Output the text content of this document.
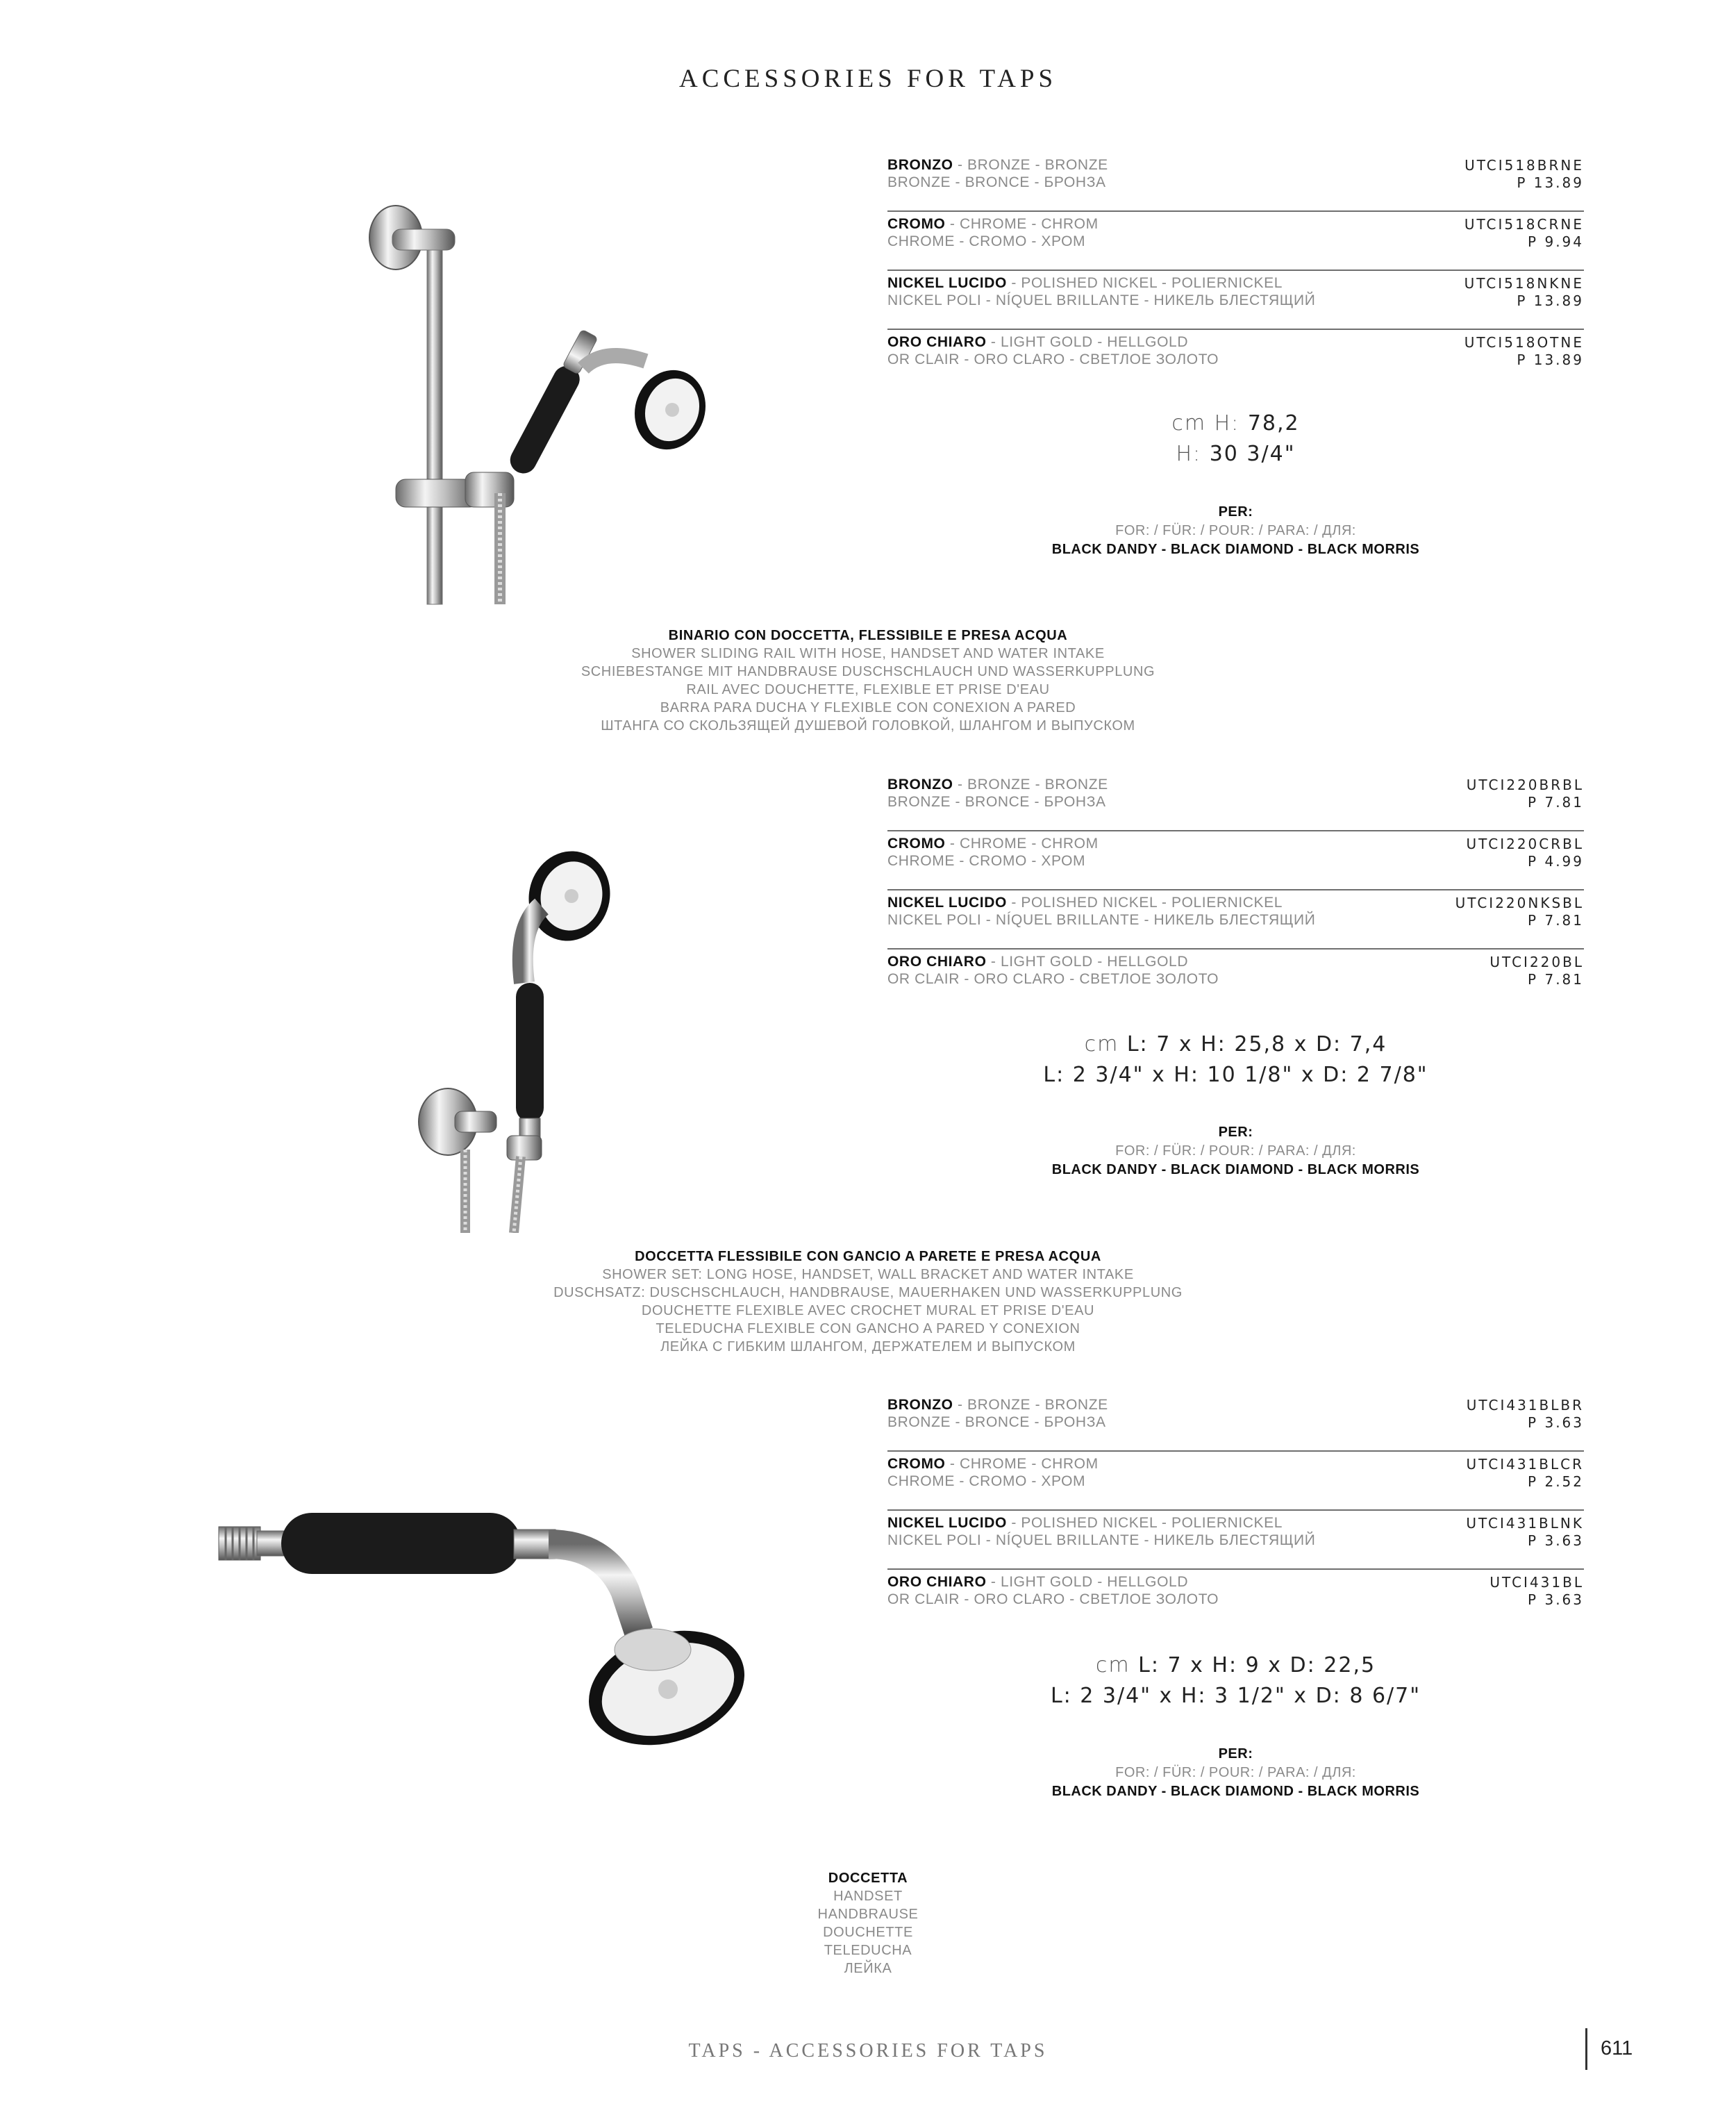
ACCESSORIES FOR TAPS
BRONZO - BRONZE - BRONZE
BRONZE - BRONCE - БРОНЗА
UTCI518BRNE
P 13.89
CROMO - CHROME - CHROM
CHROME - CROMO - ХРОМ
UTCI518CRNE
P 9.94
NICKEL LUCIDO - POLISHED NICKEL - POLIERNICKEL
NICKEL POLI - NÍQUEL BRILLANTE - НИКЕЛЬ БЛЕСТЯЩИЙ
UTCI518NKNE
P 13.89
ORO CHIARO - LIGHT GOLD - HELLGOLD
OR CLAIR - ORO CLARO - СВЕТЛОЕ ЗОЛОТО
UTCI518OTNE
P 13.89
cm H: 78,2
H: 30 3/4"
PER:
FOR: / FÜR: / POUR: / PARA: / ДЛЯ:
BLACK DANDY - BLACK DIAMOND - BLACK MORRIS
BINARIO CON DOCCETTA, FLESSIBILE E PRESA ACQUA
SHOWER SLIDING RAIL WITH HOSE, HANDSET AND WATER INTAKE
SCHIEBESTANGE MIT HANDBRAUSE DUSCHSCHLAUCH UND WASSERKUPPLUNG
RAIL AVEC DOUCHETTE, FLEXIBLE ET PRISE D'EAU
BARRA PARA DUCHA Y FLEXIBLE CON CONEXION A PARED
ШТАНГА СО СКОЛЬЗЯЩЕЙ ДУШЕВОЙ ГОЛОВКОЙ, ШЛАНГОМ И ВЫПУСКОМ
BRONZO - BRONZE - BRONZE
BRONZE - BRONCE - БРОНЗА
UTCI220BRBL
P 7.81
CROMO - CHROME - CHROM
CHROME - CROMO - ХРОМ
UTCI220CRBL
P 4.99
NICKEL LUCIDO - POLISHED NICKEL - POLIERNICKEL
NICKEL POLI - NÍQUEL BRILLANTE - НИКЕЛЬ БЛЕСТЯЩИЙ
UTCI220NKSBL
P 7.81
ORO CHIARO - LIGHT GOLD - HELLGOLD
OR CLAIR - ORO CLARO - СВЕТЛОЕ ЗОЛОТО
UTCI220BL
P 7.81
cm L: 7 x H: 25,8 x D: 7,4
L: 2 3/4" x H: 10 1/8" x D: 2 7/8"
PER:
FOR: / FÜR: / POUR: / PARA: / ДЛЯ:
BLACK DANDY - BLACK DIAMOND - BLACK MORRIS
DOCCETTA FLESSIBILE CON GANCIO A PARETE E PRESA ACQUA
SHOWER SET: LONG HOSE, HANDSET, WALL BRACKET AND WATER INTAKE
DUSCHSATZ: DUSCHSCHLAUCH, HANDBRAUSE, MAUERHAKEN UND WASSERKUPPLUNG
DOUCHETTE FLEXIBLE AVEC CROCHET MURAL ET PRISE D'EAU
TELEDUCHA FLEXIBLE CON GANCHO A PARED Y CONEXION
ЛЕЙКА С ГИБКИМ ШЛАНГОМ, ДЕРЖАТЕЛЕМ И ВЫПУСКОМ
BRONZO - BRONZE - BRONZE
BRONZE - BRONCE - БРОНЗА
UTCI431BLBR
P 3.63
CROMO - CHROME - CHROM
CHROME - CROMO - ХРОМ
UTCI431BLCR
P 2.52
NICKEL LUCIDO - POLISHED NICKEL - POLIERNICKEL
NICKEL POLI - NÍQUEL BRILLANTE - НИКЕЛЬ БЛЕСТЯЩИЙ
UTCI431BLNK
P 3.63
ORO CHIARO - LIGHT GOLD - HELLGOLD
OR CLAIR - ORO CLARO - СВЕТЛОЕ ЗОЛОТО
UTCI431BL
P 3.63
cm L: 7 x H: 9 x D: 22,5
L: 2 3/4" x H: 3 1/2" x D: 8 6/7"
PER:
FOR: / FÜR: / POUR: / PARA: / ДЛЯ:
BLACK DANDY - BLACK DIAMOND - BLACK MORRIS
DOCCETTA
HANDSET
HANDBRAUSE
DOUCHETTE
TELEDUCHA
ЛЕЙКА
TAPS - ACCESSORIES FOR TAPS	611
